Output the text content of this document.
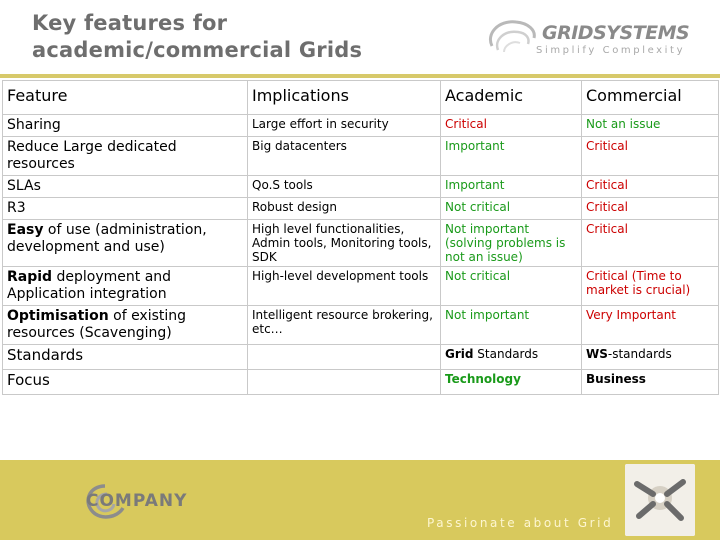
Key features for
academic/commercial Grids
GRIDSYSTEMS
Simplify Complexity
Feature	Implications	Academic	Commercial
Sharing	Large effort in security	Critical	Not an issue
Reduce Large dedicated resources	Big datacenters	Important	Critical
SLAs	Qo.S tools	Important	Critical
R3	Robust design	Not critical	Critical
Easy of use (administration, development and use)	High level functionalities, Admin tools, Monitoring tools, SDK	Not important (solving problems is not an issue)	Critical
Rapid deployment and Application integration	High-level development tools	Not critical	Critical (Time to market is crucial)
Optimisation of existing resources (Scavenging)	Intelligent resource brokering, etc…	Not important	Very Important
Standards		Grid Standards	WS-standards
Focus		Technology	Business
COMPANY
Passionate about Grid
